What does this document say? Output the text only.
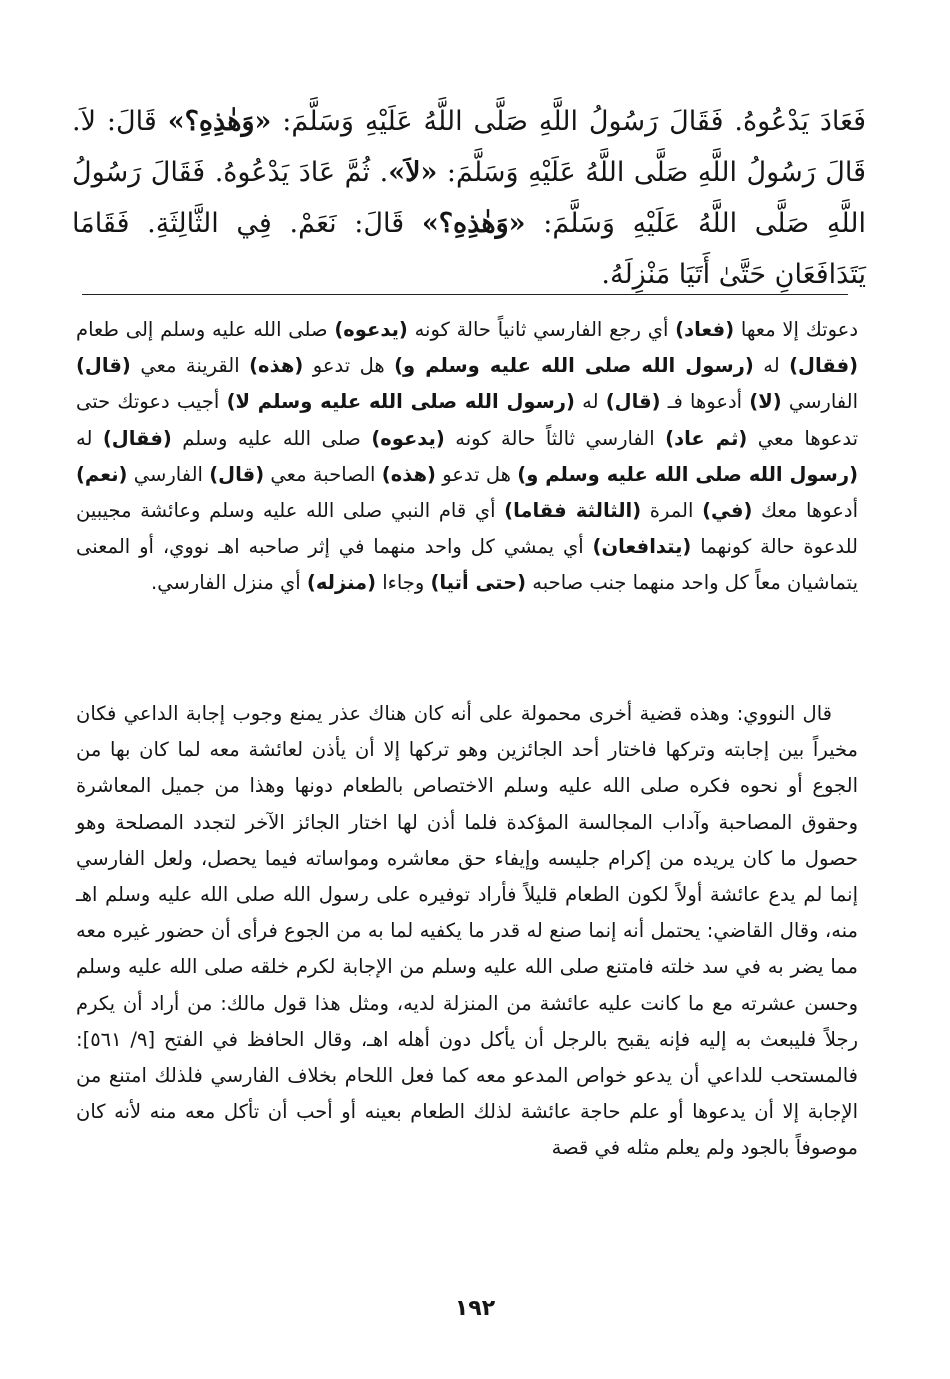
فَعَادَ يَدْعُوهُ. فَقَالَ رَسُولُ اللَّهِ صَلَّى اللَّهُ عَلَيْهِ وَسَلَّمَ: «وَهٰذِهِ؟» قَالَ: لاَ. قَالَ رَسُولُ اللَّهِ صَلَّى اللَّهُ عَلَيْهِ وَسَلَّمَ: «لاَ». ثُمَّ عَادَ يَدْعُوهُ. فَقَالَ رَسُولُ اللَّهِ صَلَّى اللَّهُ عَلَيْهِ وَسَلَّمَ: «وَهٰذِهِ؟» قَالَ: نَعَمْ. فِي الثَّالِثَةِ. فَقَامَا يَتَدَافَعَانِ حَتَّىٰ أَتَيَا مَنْزِلَهُ.

دعوتك إلا معها (فعاد) أي رجع الفارسي ثانياً حالة كونه (يدعوه) صلى الله عليه وسلم إلى طعام (فقال) له (رسول الله صلى الله عليه وسلم و) هل تدعو (هذه) القرينة معي (قال) الفارسي (لا) أدعوها فـ (قال) له (رسول الله صلى الله عليه وسلم لا) أجيب دعوتك حتى تدعوها معي (ثم عاد) الفارسي ثالثاً حالة كونه (يدعوه) صلى الله عليه وسلم (فقال) له (رسول الله صلى الله عليه وسلم و) هل تدعو (هذه) الصاحبة معي (قال) الفارسي (نعم) أدعوها معك (في) المرة (الثالثة فقاما) أي قام النبي صلى الله عليه وسلم وعائشة مجيبين للدعوة حالة كونهما (يتدافعان) أي يمشي كل واحد منهما في إثر صاحبه اهـ نووي، أو المعنى يتماشيان معاً كل واحد منهما جنب صاحبه (حتى أتيا) وجاءا (منزله) أي منزل الفارسي.

قال النووي: وهذه قضية أخرى محمولة على أنه كان هناك عذر يمنع وجوب إجابة الداعي فكان مخيراً بين إجابته وتركها فاختار أحد الجائزين وهو تركها إلا أن يأذن لعائشة معه لما كان بها من الجوع أو نحوه فكره صلى الله عليه وسلم الاختصاص بالطعام دونها وهذا من جميل المعاشرة وحقوق المصاحبة وآداب المجالسة المؤكدة فلما أذن لها اختار الجائز الآخر لتجدد المصلحة وهو حصول ما كان يريده من إكرام جليسه وإيفاء حق معاشره ومواساته فيما يحصل، ولعل الفارسي إنما لم يدع عائشة أولاً لكون الطعام قليلاً فأراد توفيره على رسول الله صلى الله عليه وسلم اهـ منه، وقال القاضي: يحتمل أنه إنما صنع له قدر ما يكفيه لما به من الجوع فرأى أن حضور غيره معه مما يضر به في سد خلته فامتنع صلى الله عليه وسلم من الإجابة لكرم خلقه صلى الله عليه وسلم وحسن عشرته مع ما كانت عليه عائشة من المنزلة لديه، ومثل هذا قول مالك: من أراد أن يكرم رجلاً فليبعث به إليه فإنه يقبح بالرجل أن يأكل دون أهله اهـ، وقال الحافظ في الفتح [٩/ ٥٦١]: فالمستحب للداعي أن يدعو خواص المدعو معه كما فعل اللحام بخلاف الفارسي فلذلك امتنع من الإجابة إلا أن يدعوها أو علم حاجة عائشة لذلك الطعام بعينه أو أحب أن تأكل معه منه لأنه كان موصوفاً بالجود ولم يعلم مثله في قصة

١٩٢
